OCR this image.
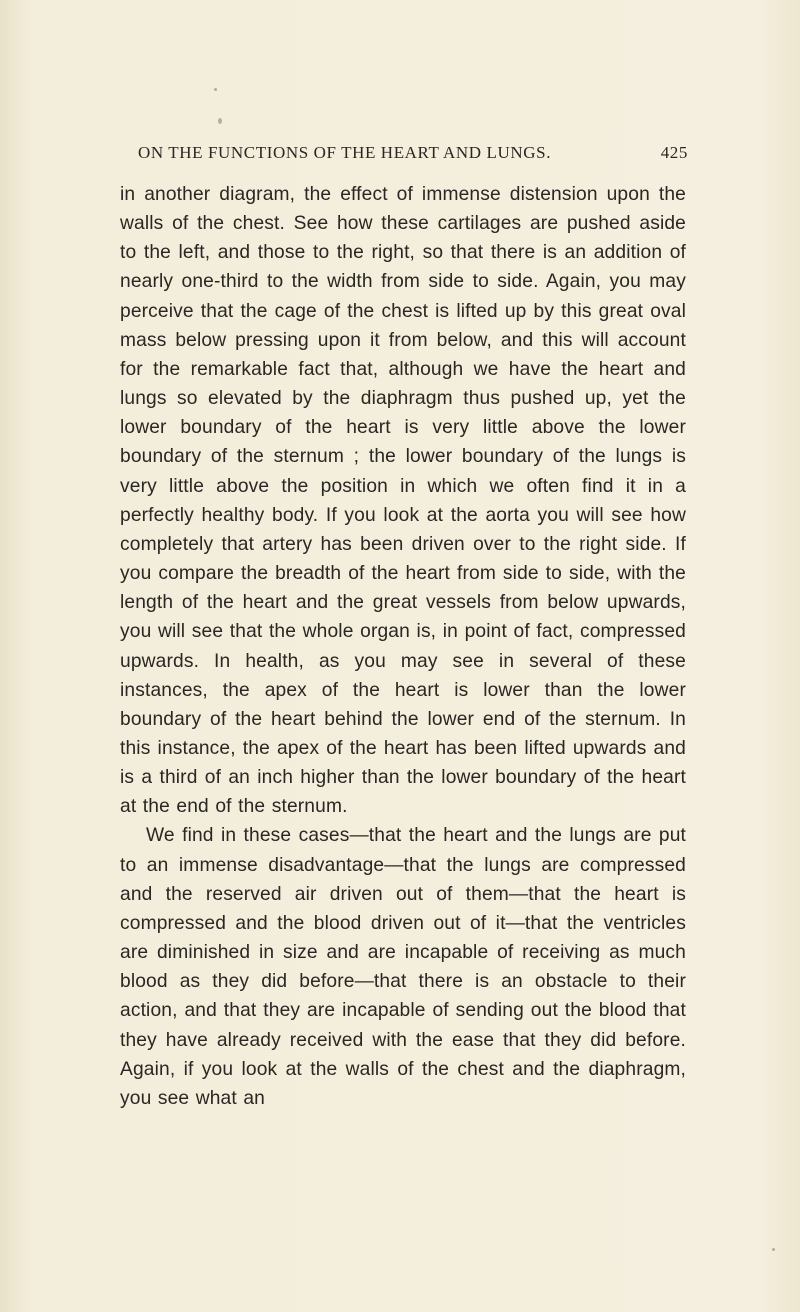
ON THE FUNCTIONS OF THE HEART AND LUNGS.	425

in another diagram, the effect of immense distension upon the walls of the chest. See how these cartilages are pushed aside to the left, and those to the right, so that there is an addition of nearly one-third to the width from side to side. Again, you may perceive that the cage of the chest is lifted up by this great oval mass below pressing upon it from below, and this will account for the remarkable fact that, although we have the heart and lungs so elevated by the diaphragm thus pushed up, yet the lower boundary of the heart is very little above the lower boundary of the sternum ; the lower boundary of the lungs is very little above the position in which we often find it in a perfectly healthy body. If you look at the aorta you will see how completely that artery has been driven over to the right side. If you compare the breadth of the heart from side to side, with the length of the heart and the great vessels from below upwards, you will see that the whole organ is, in point of fact, compressed upwards. In health, as you may see in several of these instances, the apex of the heart is lower than the lower boundary of the heart behind the lower end of the sternum. In this instance, the apex of the heart has been lifted upwards and is a third of an inch higher than the lower boundary of the heart at the end of the sternum.

We find in these cases—that the heart and the lungs are put to an immense disadvantage—that the lungs are compressed and the reserved air driven out of them—that the heart is compressed and the blood driven out of it—that the ventricles are diminished in size and are incapable of receiving as much blood as they did before—that there is an obstacle to their action, and that they are incapable of sending out the blood that they have already received with the ease that they did before. Again, if you look at the walls of the chest and the diaphragm, you see what an
